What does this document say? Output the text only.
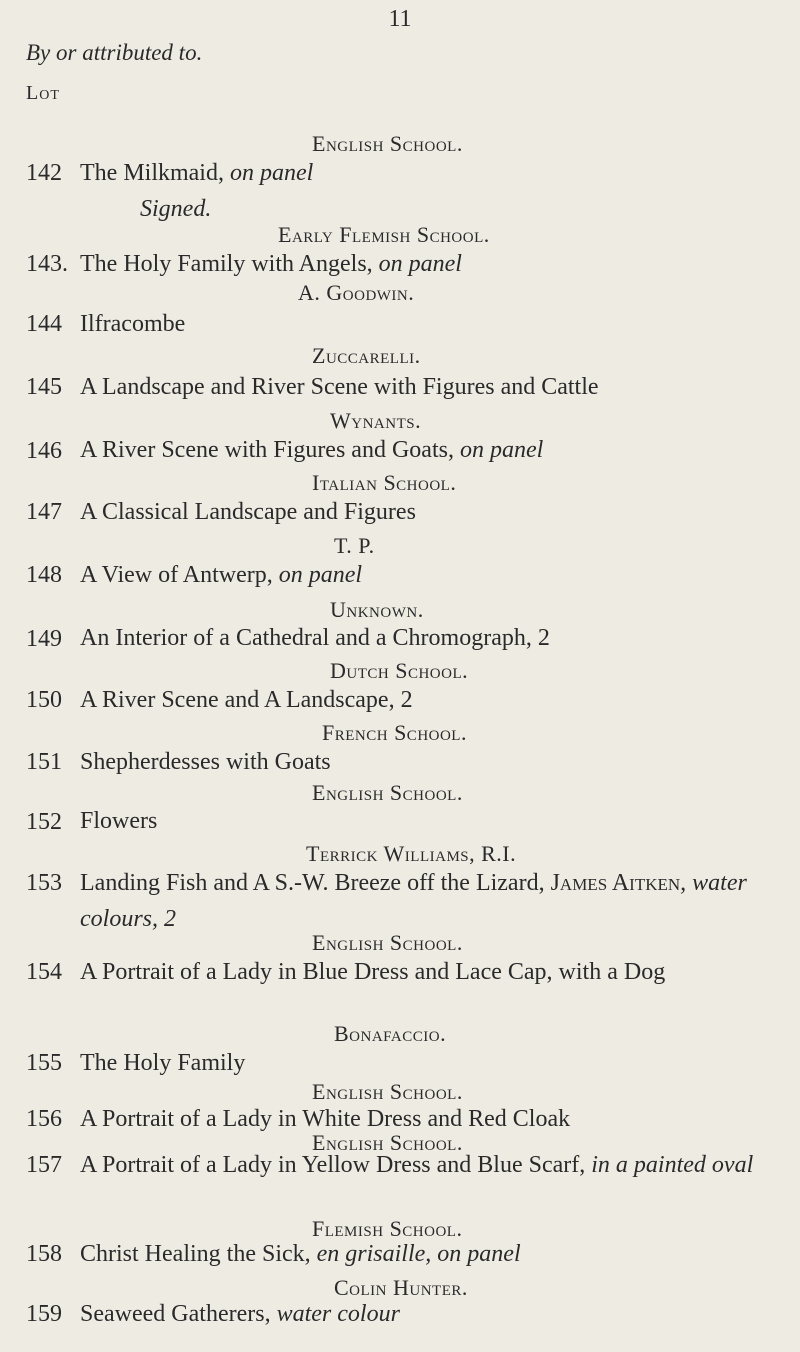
11
By or attributed to.
Lot
English School.
142 The Milkmaid, on panel
Signed.
Early Flemish School.
143. The Holy Family with Angels, on panel
A. Goodwin.
144 Ilfracombe
Zuccarelli.
145 A Landscape and River Scene with Figures and Cattle
Wynants.
146 A River Scene with Figures and Goats, on panel
Italian School.
147 A Classical Landscape and Figures
T. P.
148 A View of Antwerp, on panel
Unknown.
149 An Interior of a Cathedral and a Chromograph, 2
Dutch School.
150 A River Scene and A Landscape, 2
French School.
151 Shepherdesses with Goats
English School.
152 Flowers
Terrick Williams, R.I.
153 Landing Fish and A S.-W. Breeze off the Lizard, James Aitken, water colours, 2
English School.
154 A Portrait of a Lady in Blue Dress and Lace Cap, with a Dog
Bonafaccio.
155 The Holy Family
English School.
156 A Portrait of a Lady in White Dress and Red Cloak
English School.
157 A Portrait of a Lady in Yellow Dress and Blue Scarf, in a painted oval
Flemish School.
158 Christ Healing the Sick, en grisaille, on panel
Colin Hunter.
159 Seaweed Gatherers, water colour
